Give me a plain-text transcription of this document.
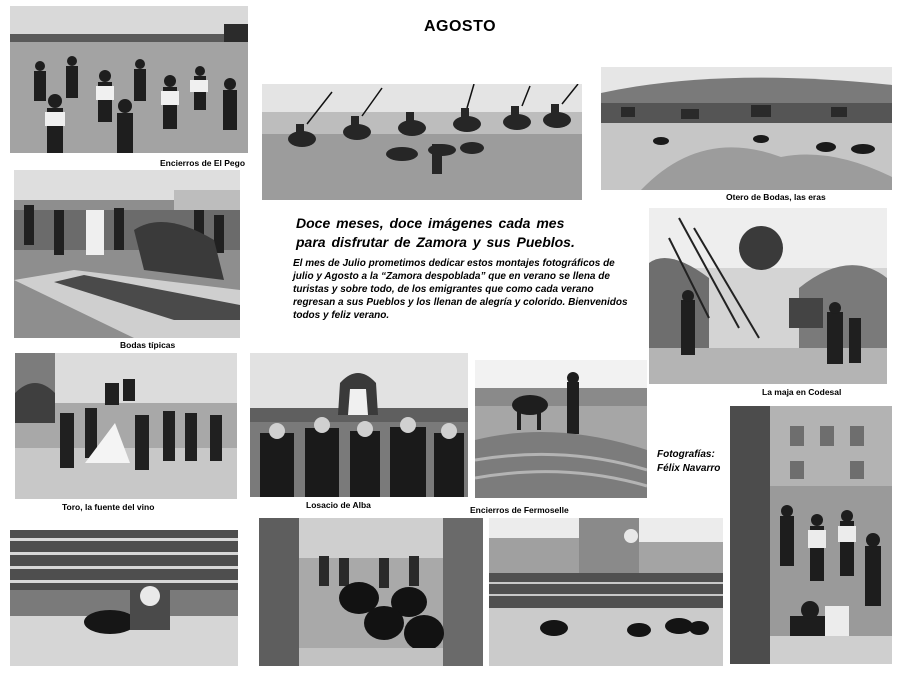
AGOSTO
Encierros de El Pego
Otero de Bodas, las eras
Bodas típicas
Doce meses, doce imágenes cada mes para disfrutar de Zamora y sus Pueblos.
El mes de Julio prometimos dedicar estos montajes fotográficos de julio y Agosto a la “Zamora despoblada” que en verano se llena de turistas y sobre todo, de los emigrantes que como cada verano regresan a sus Pueblos y los llenan de alegría y colorido. Bienvenidos todos y feliz verano.
La maja en Codesal
Toro, la fuente del vino	Losacio de Alba	Encierros de Fermoselle
Fotografías:
Félix Navarro
